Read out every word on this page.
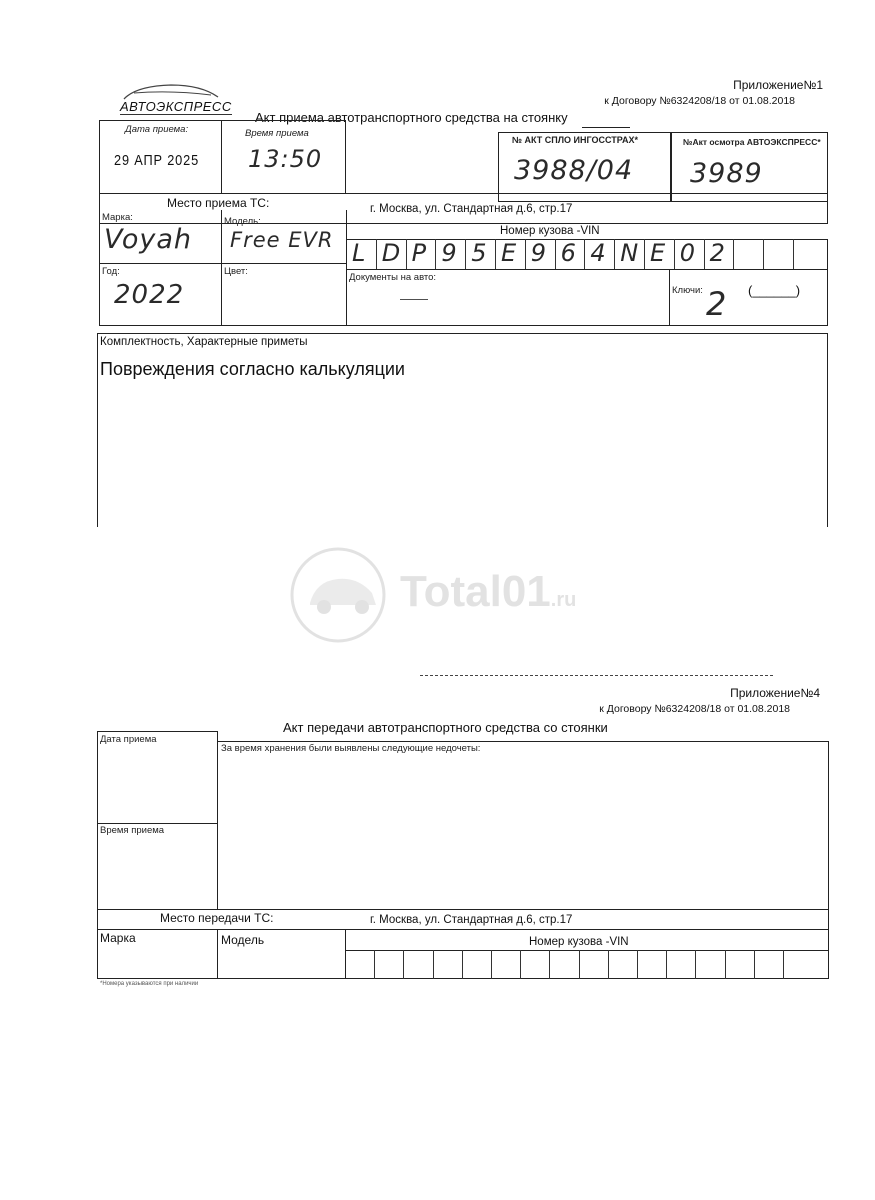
Приложение№1
к Договору №6324208/18 от 01.08.2018
АВТОЭКСПРЕСС
Акт приема автотранспортного средства на стоянку
Дата приема:
29 АПР 2025
Время приема
13:50
№ АКТ СПЛО ИНГОССТРАХ*
3988/04
№Акт осмотра АВТОЭКСПРЕСС*
3989
Место приема ТС:	г. Москва, ул. Стандартная д.6, стр.17
Марка:
Voyah
Модель:
Free EVR	Номер кузова -VIN
L D P 9 5 E 9 6 4 N E 0 2
Год:
2022
Цвет:
Документы на авто:
——	Ключи: 2 (______)
Комплектность, Характерные приметы
Повреждения согласно калькуляции
Total01.ru
Приложение№4
к Договору №6324208/18 от 01.08.2018
Акт передачи автотранспортного средства со стоянки
Дата приема
Время приема
За время хранения были выявлены следующие недочеты:
Место передачи ТС:	г. Москва, ул. Стандартная д.6, стр.17
Марка	Модель	Номер кузова -VIN
*Номера указываются при наличии
